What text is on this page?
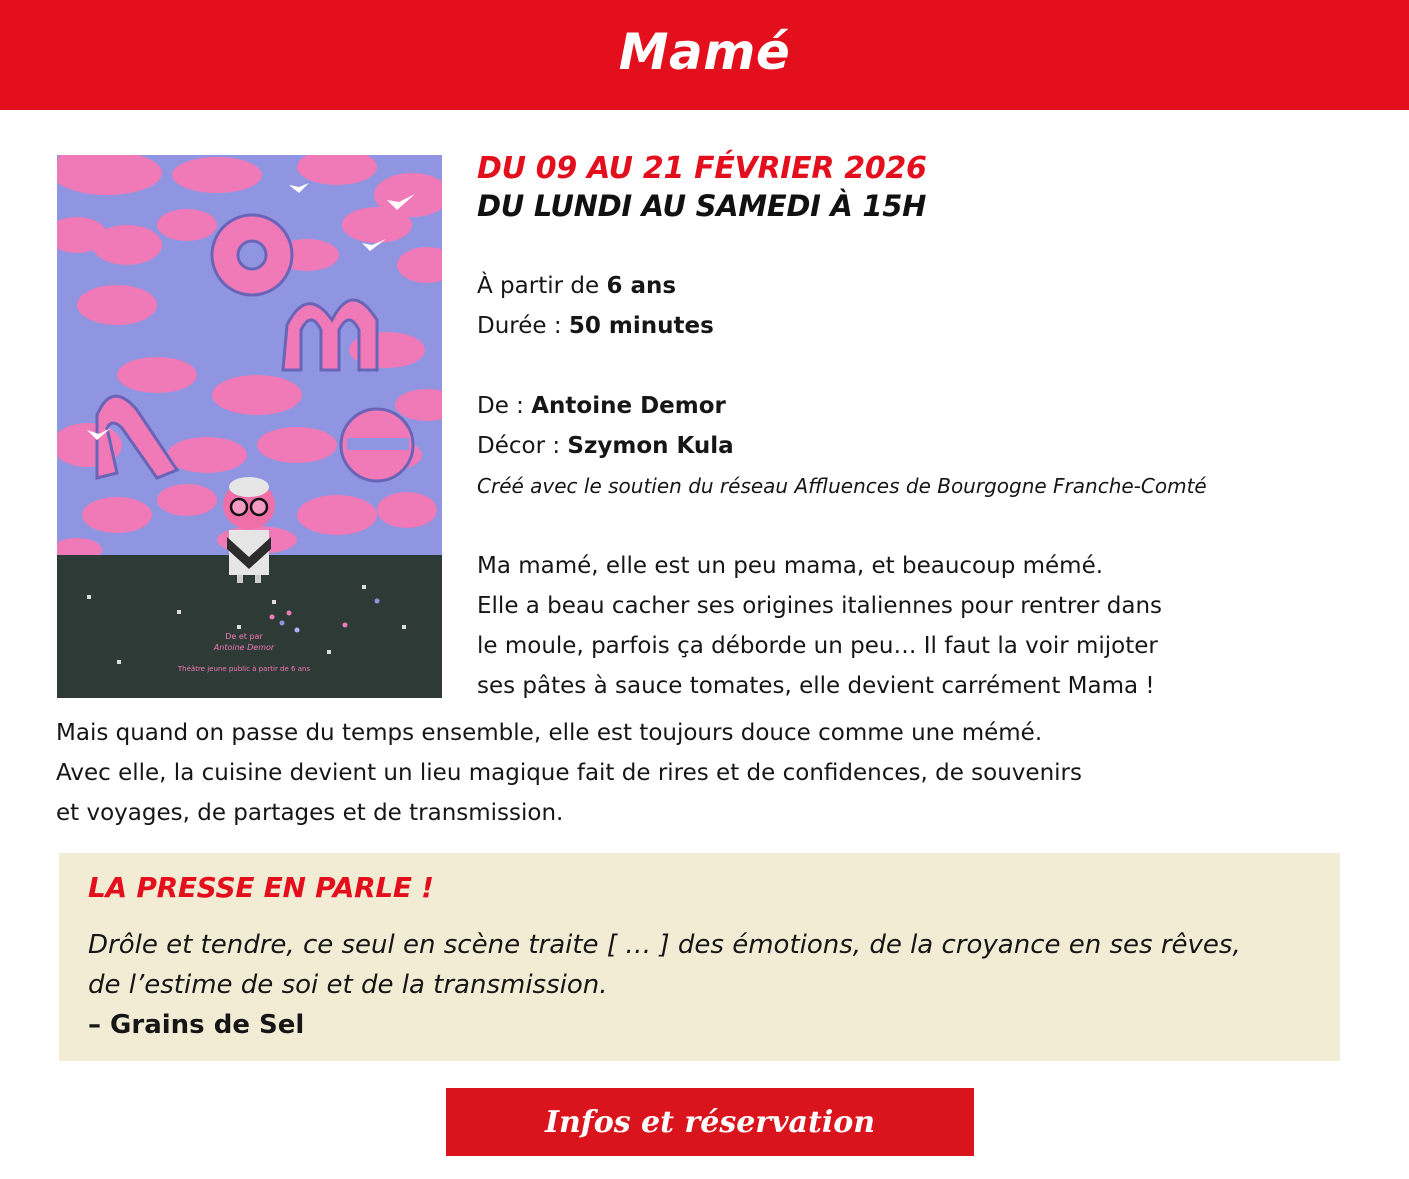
Mamé
De et par
Antoine Demor
Théâtre jeune public à partir de 6 ans
DU 09 AU 21 FÉVRIER 2026
DU LUNDI AU SAMEDI À 15H
À partir de 6 ans
Durée : 50 minutes
De : Antoine Demor
Décor : Szymon Kula
Créé avec le soutien du réseau Affluences de Bourgogne Franche-Comté
Ma mamé, elle est un peu mama, et beaucoup mémé.
Elle a beau cacher ses origines italiennes pour rentrer dans
le moule, parfois ça déborde un peu… Il faut la voir mijoter
ses pâtes à sauce tomates, elle devient carrément Mama !
Mais quand on passe du temps ensemble, elle est toujours douce comme une mémé.
Avec elle, la cuisine devient un lieu magique fait de rires et de confidences, de souvenirs
et voyages, de partages et de transmission.
LA PRESSE EN PARLE !
Drôle et tendre, ce seul en scène traite [ … ] des émotions, de la croyance en ses rêves,
de l’estime de soi et de la transmission.
– Grains de Sel
Infos et réservation
